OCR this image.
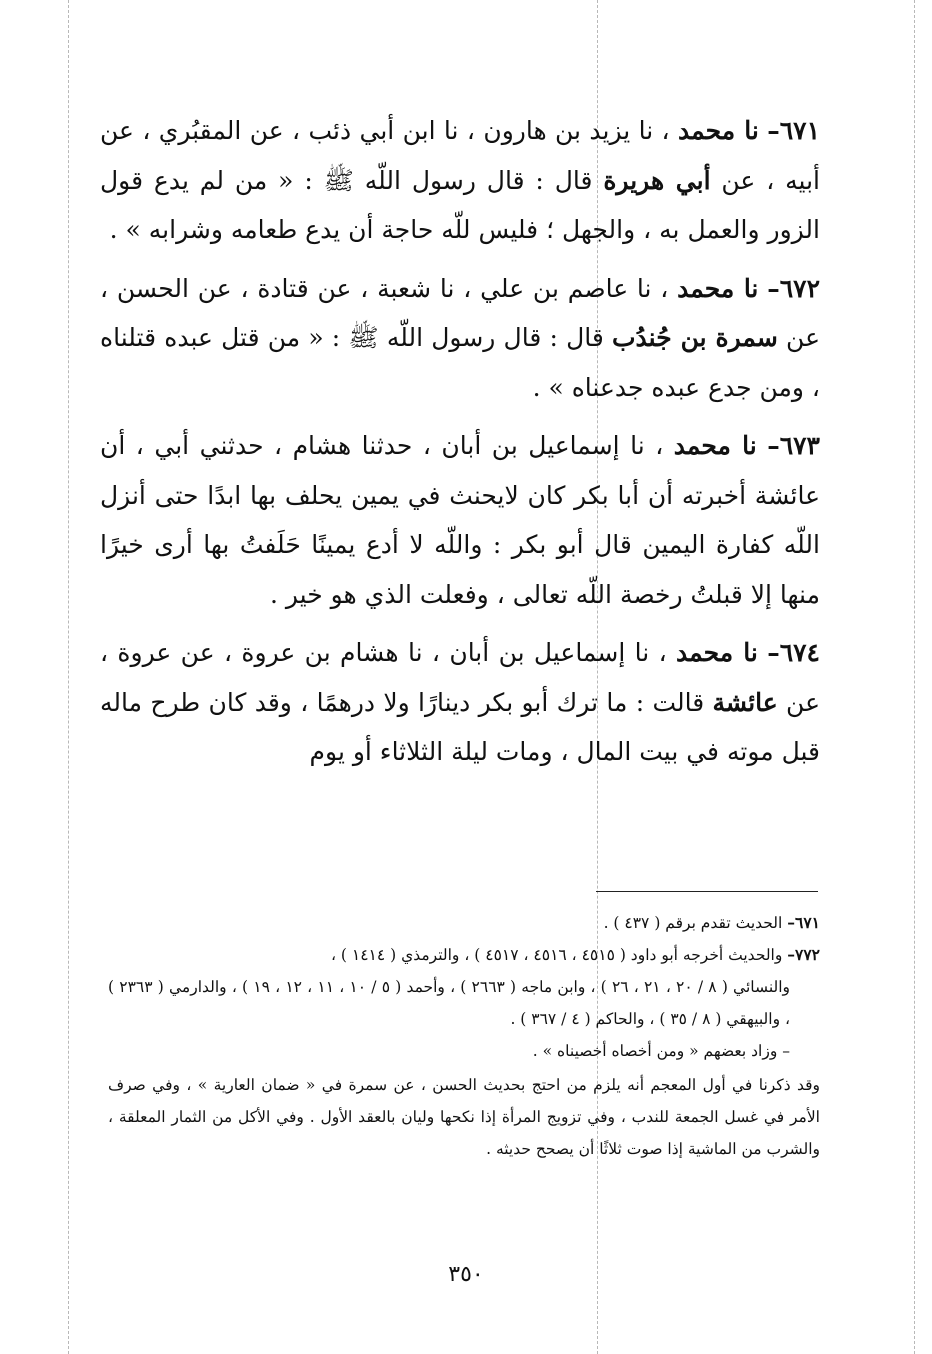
٦٧١– نا محمد ، نا يزيد بن هارون ، نا ابن أبي ذئب ، عن المقبُري ، عن أبيه ، عن أبي هريرة قال : قال رسول اللّه ﷺ : « من لم يدع قول الزور والعمل به ، والجهل ؛ فليس للّه حاجة أن يدع طعامه وشرابه » .

٦٧٢– نا محمد ، نا عاصم بن علي ، نا شعبة ، عن قتادة ، عن الحسن ، عن سمرة بن جُندُب قال : قال رسول اللّه ﷺ : « من قتل عبده قتلناه ، ومن جدع عبده جدعناه » .

٦٧٣– نا محمد ، نا إسماعيل بن أبان ، حدثنا هشام ، حدثني أبي ، أن عائشة أخبرته أن أبا بكر كان لايحنث في يمين يحلف بها ابدًا حتى أنزل اللّه كفارة اليمين قال أبو بكر : واللّه لا أدع يمينًا حَلَفتُ بها أرى خيرًا منها إلا قبلتُ رخصة اللّه تعالى ، وفعلت الذي هو خير .

٦٧٤– نا محمد ، نا إسماعيل بن أبان ، نا هشام بن عروة ، عن عروة ، عن عائشة قالت : ما ترك أبو بكر دينارًا ولا درهمًا ، وقد كان طرح ماله قبل موته في بيت المال ، ومات ليلة الثلاثاء أو يوم

٦٧١– الحديث تقدم برقم ( ٤٣٧ ) .

٧٧٢– والحديث أخرجه أبو داود ( ٤٥١٥ ، ٤٥١٦ ، ٤٥١٧ ) ، والترمذي ( ١٤١٤ ) ،

والنسائي ( ٨ / ٢٠ ، ٢١ ، ٢٦ ) ، وابن ماجه ( ٢٦٦٣ ) ، وأحمد ( ٥ / ١٠ ، ١١ ، ١٢ ، ١٩ ) ، والدارمي ( ٢٣٦٣ ) ، والبيهقي ( ٨ / ٣٥ ) ، والحاكم ( ٤ / ٣٦٧ ) .

– وزاد بعضهم « ومن أخصاه أخصيناه » .

وقد ذكرنا في أول المعجم أنه يلزم من احتج بحديث الحسن ، عن سمرة في « ضمان العارية » ، وفي صرف الأمر في غسل الجمعة للندب ، وفي تزويج المرأة إذا نكحها وليان بالعقد الأول . وفي الأكل من الثمار المعلقة ، والشرب من الماشية إذا صوت ثلاثًا أن يصحح حديثه .

٣٥٠
